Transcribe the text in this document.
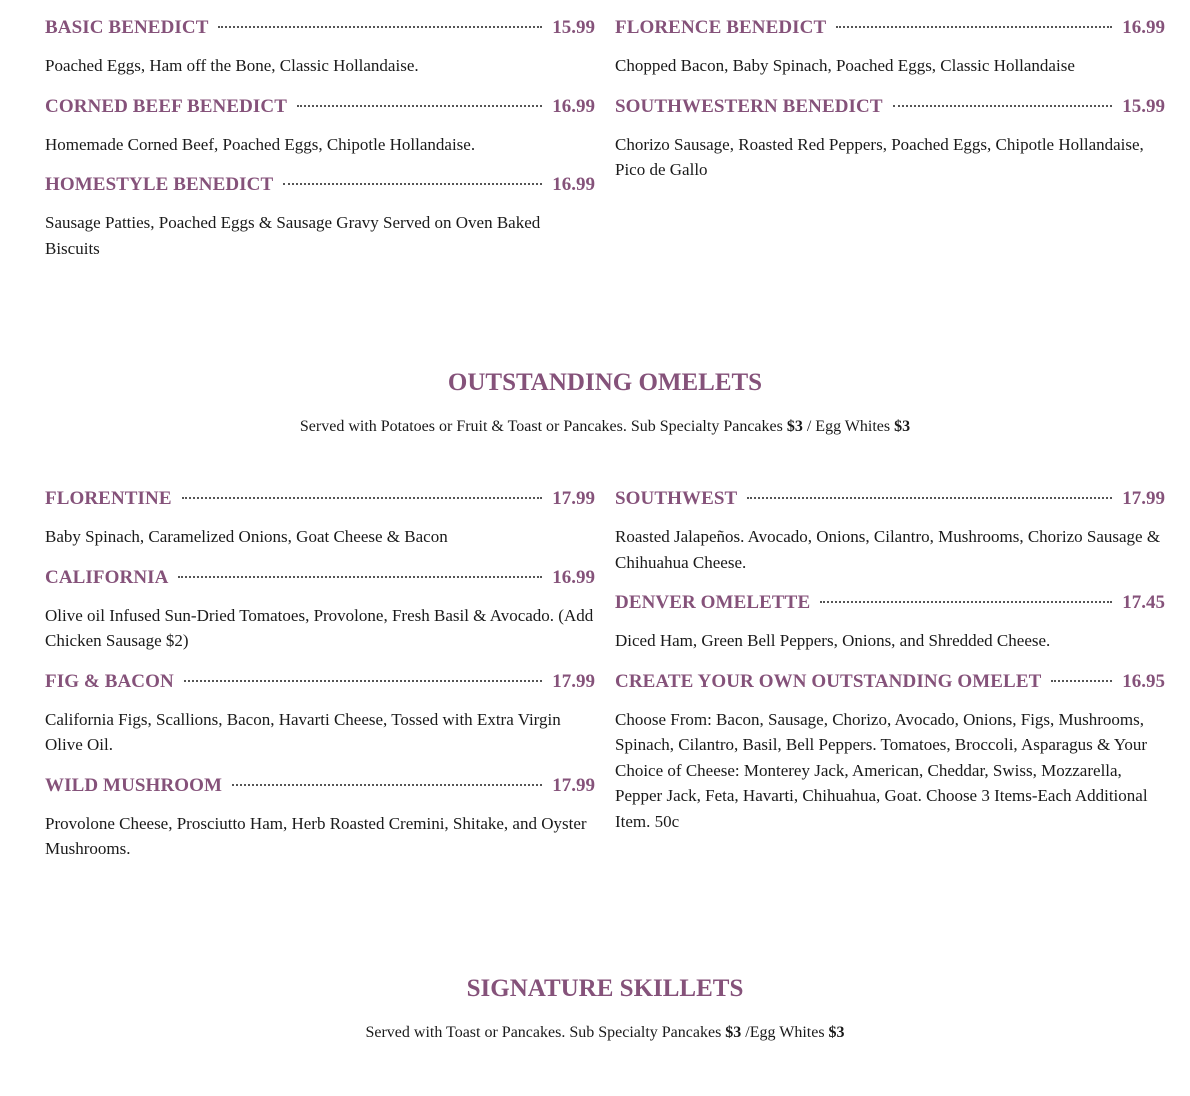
BASIC BENEDICT	15.99
Poached Eggs, Ham off the Bone, Classic Hollandaise.
CORNED BEEF BENEDICT	16.99
Homemade Corned Beef, Poached Eggs, Chipotle Hollandaise.
HOMESTYLE BENEDICT	16.99
Sausage Patties, Poached Eggs & Sausage Gravy Served on Oven Baked Biscuits
FLORENCE BENEDICT	16.99
Chopped Bacon, Baby Spinach, Poached Eggs, Classic Hollandaise
SOUTHWESTERN BENEDICT	15.99
Chorizo Sausage, Roasted Red Peppers, Poached Eggs, Chipotle Hollandaise, Pico de Gallo
OUTSTANDING OMELETS
Served with Potatoes or Fruit & Toast or Pancakes. Sub Specialty Pancakes $3 / Egg Whites $3
FLORENTINE	17.99
Baby Spinach, Caramelized Onions, Goat Cheese & Bacon
CALIFORNIA	16.99
Olive oil Infused Sun-Dried Tomatoes, Provolone, Fresh Basil & Avocado. (Add Chicken Sausage $2)
FIG & BACON	17.99
California Figs, Scallions, Bacon, Havarti Cheese, Tossed with Extra Virgin Olive Oil.
WILD MUSHROOM	17.99
Provolone Cheese, Prosciutto Ham, Herb Roasted Cremini, Shitake, and Oyster Mushrooms.
SOUTHWEST	17.99
Roasted Jalapeños. Avocado, Onions, Cilantro, Mushrooms, Chorizo Sausage & Chihuahua Cheese.
DENVER OMELETTE	17.45
Diced Ham, Green Bell Peppers, Onions, and Shredded Cheese.
CREATE YOUR OWN OUTSTANDING OMELET	16.95
Choose From: Bacon, Sausage, Chorizo, Avocado, Onions, Figs, Mushrooms, Spinach, Cilantro, Basil, Bell Peppers. Tomatoes, Broccoli, Asparagus & Your Choice of Cheese: Monterey Jack, American, Cheddar, Swiss, Mozzarella, Pepper Jack, Feta, Havarti, Chihuahua, Goat. Choose 3 Items-Each Additional Item. 50c
SIGNATURE SKILLETS
Served with Toast or Pancakes. Sub Specialty Pancakes $3 /Egg Whites $3
